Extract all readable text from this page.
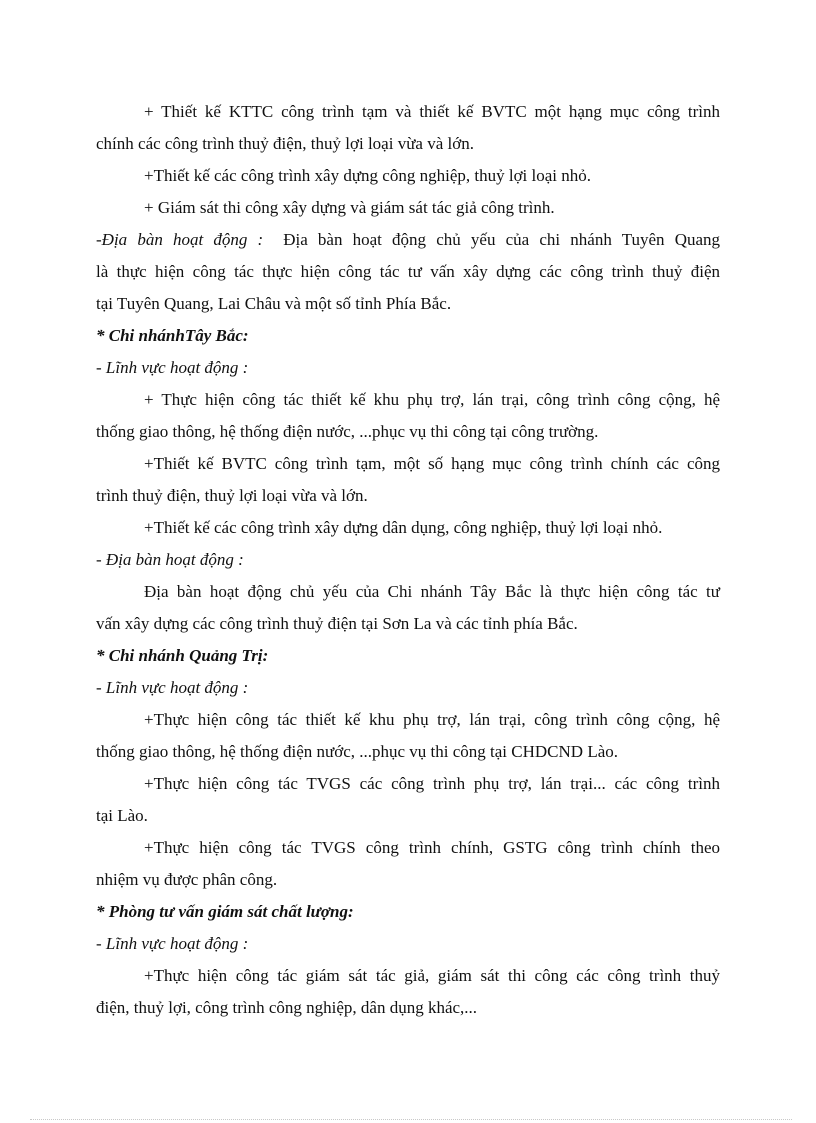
+ Thiết kế KTTC công trình tạm và thiết kế BVTC một hạng mục công trình
chính các công trình thuỷ điện, thuỷ lợi loại vừa và lớn.
+Thiết kế các công trình xây dựng công nghiệp, thuỷ lợi loại nhỏ.
+ Giám sát thi công xây dựng và giám sát tác giả công trình.
-Địa bàn hoạt động : Địa bàn hoạt động chủ yếu của chi nhánh Tuyên Quang
là thực hiện công tác thực hiện công tác tư vấn xây dựng các công trình thuỷ điện
tại Tuyên Quang, Lai Châu và một số tỉnh Phía Bắc.
* Chi nhánhTây Bắc:
- Lĩnh vực hoạt động :
+ Thực hiện công tác thiết kế khu phụ trợ, lán trại, công trình công cộng, hệ
thống giao thông, hệ thống điện nước, ...phục vụ thi công tại công trường.
+Thiết kế BVTC công trình tạm, một số hạng mục công trình chính các công
trình thuỷ điện, thuỷ lợi loại vừa và lớn.
+Thiết kế các công trình xây dựng dân dụng, công nghiệp, thuỷ lợi loại nhỏ.
- Địa bàn hoạt động :
Địa bàn hoạt động chủ yếu của Chi nhánh Tây Bắc là thực hiện công tác tư
vấn xây dựng các công trình thuỷ điện tại Sơn La và các tỉnh phía Bắc.
* Chi nhánh Quảng Trị:
- Lĩnh vực hoạt động :
+Thực hiện công tác thiết kế khu phụ trợ, lán trại, công trình công cộng, hệ
thống giao thông, hệ thống điện nước, ...phục vụ thi công tại CHDCND Lào.
+Thực hiện công tác TVGS các công trình phụ trợ, lán trại... các công trình
tại Lào.
+Thực hiện công tác TVGS công trình chính, GSTG công trình chính theo
nhiệm vụ được phân công.
* Phòng tư vấn giám sát chất lượng:
- Lĩnh vực hoạt động :
+Thực hiện công tác giám sát tác giả, giám sát thi công các công trình thuỷ
điện, thuỷ lợi, công trình công nghiệp, dân dụng khác,...
